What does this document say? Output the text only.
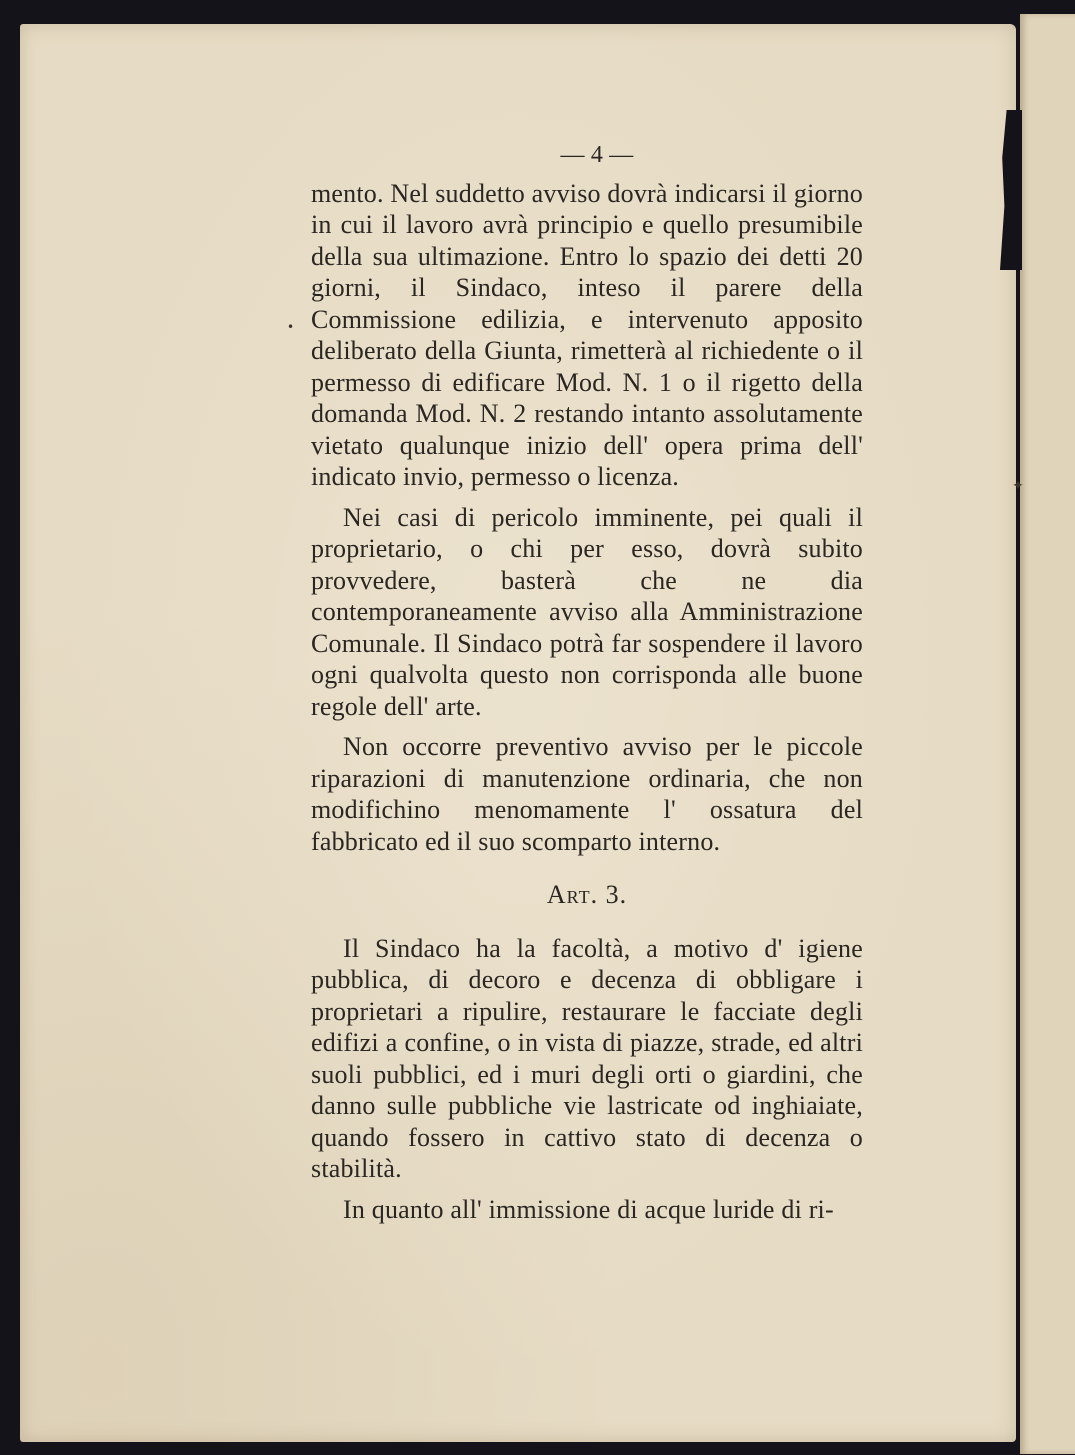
•
✦
— 4 —

mento. Nel suddetto avviso dovrà indicarsi il giorno in cui il lavoro avrà principio e quello presumibile della sua ultimazione. Entro lo spazio dei detti 20 giorni, il Sindaco, inteso il parere della Commissione edilizia, e intervenuto apposito deliberato della Giunta, rimetterà al richiedente o il permesso di edificare Mod. N. 1 o il rigetto della domanda Mod. N. 2 restando intanto assolutamente vietato qualunque inizio dell' opera prima dell' indicato invio, permesso o licenza.

Nei casi di pericolo imminente, pei quali il proprietario, o chi per esso, dovrà subito provvedere, basterà che ne dia contemporaneamente avviso alla Amministrazione Comunale. Il Sindaco potrà far sospendere il lavoro ogni qualvolta questo non corrisponda alle buone regole dell' arte.

Non occorre preventivo avviso per le piccole riparazioni di manutenzione ordinaria, che non modifichino menomamente l' ossatura del fabbricato ed il suo scomparto interno.

Art. 3.

Il Sindaco ha la facoltà, a motivo d' igiene pubblica, di decoro e decenza di obbligare i proprietari a ripulire, restaurare le facciate degli edifizi a confine, o in vista di piazze, strade, ed altri suoli pubblici, ed i muri degli orti o giardini, che danno sulle pubbliche vie lastricate od inghiaiate, quando fossero in cattivo stato di decenza o stabilità.

In quanto all' immissione di acque luride di ri-
